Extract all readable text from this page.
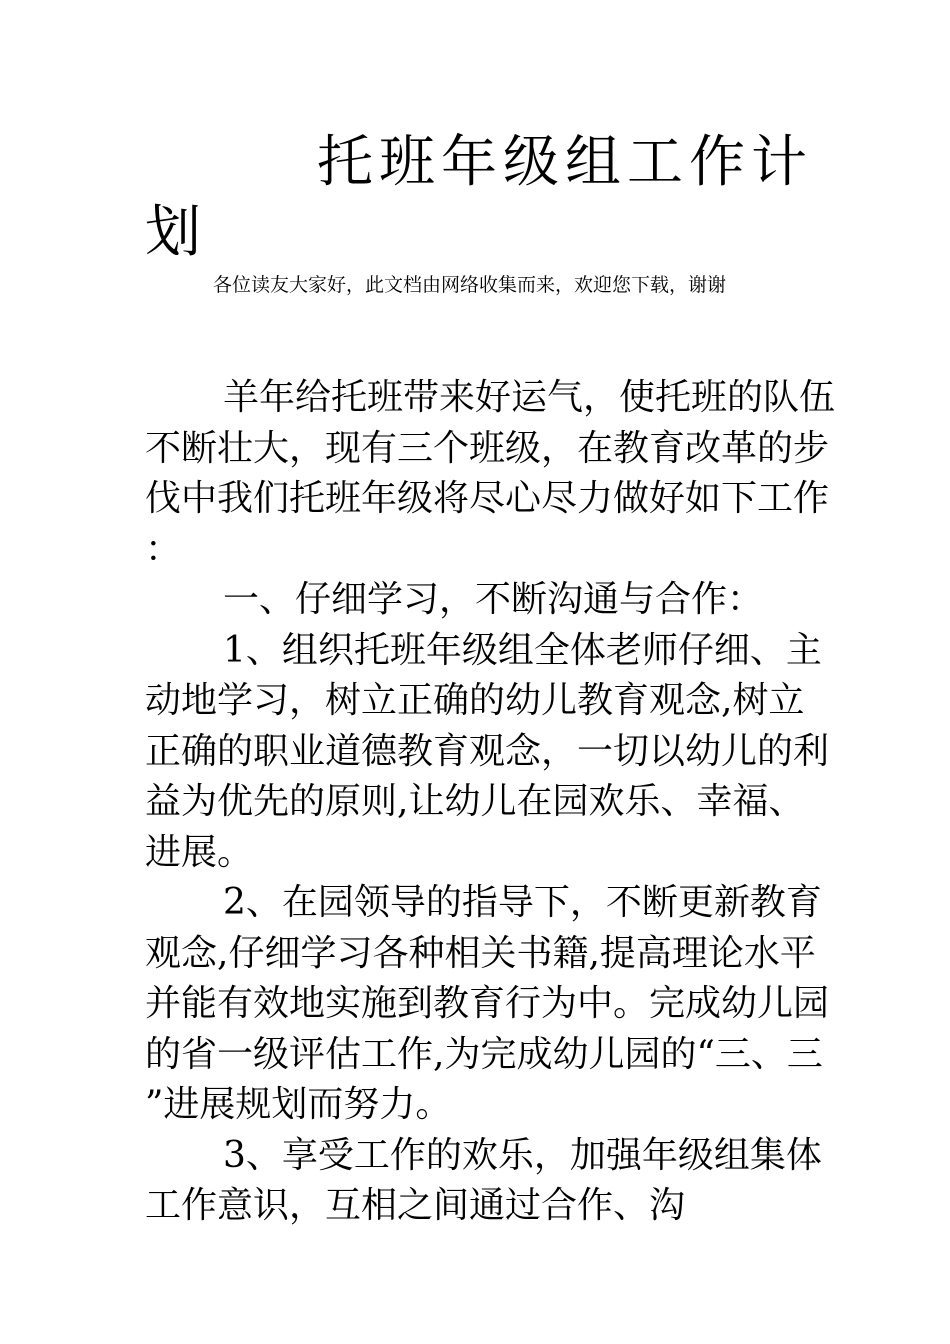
托班年级组工作计划

各位读友大家好，此文档由网络收集而来，欢迎您下载，谢谢

羊年给托班带来好运气，使托班的队伍不断壮大，现有三个班级，在教育改革的步伐中我们托班年级将尽心尽力做好如下工作：

一、仔细学习，不断沟通与合作：

1、组织托班年级组全体老师仔细、主动地学习，树立正确的幼儿教育观念,树立正确的职业道德教育观念，一切以幼儿的利益为优先的原则,让幼儿在园欢乐、幸福、进展。

2、在园领导的指导下，不断更新教育观念,仔细学习各种相关书籍,提高理论水平并能有效地实施到教育行为中。完成幼儿园的省一级评估工作,为完成幼儿园的“三、三”进展规划而努力。

3、享受工作的欢乐，加强年级组集体工作意识，互相之间通过合作、沟
